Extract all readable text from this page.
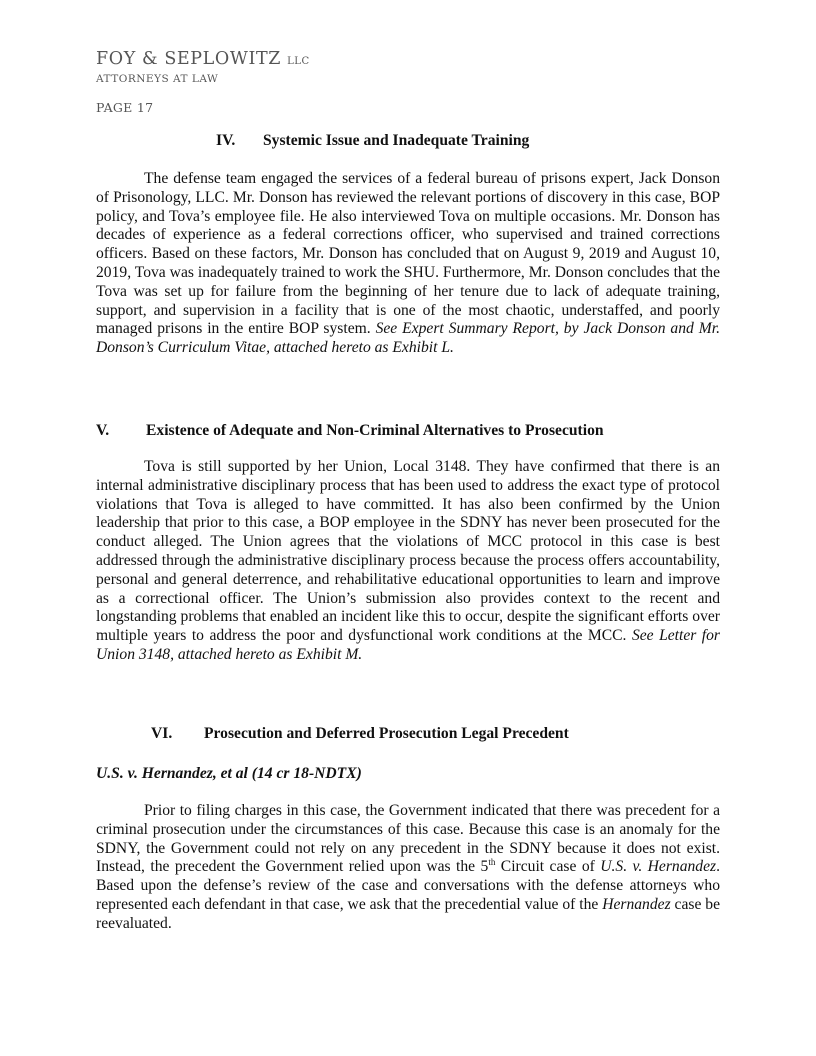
FOY & SEPLOWITZ LLC
ATTORNEYS AT LAW
PAGE 17
IV. Systemic Issue and Inadequate Training

The defense team engaged the services of a federal bureau of prisons expert, Jack Donson of Prisonology, LLC. Mr. Donson has reviewed the relevant portions of discovery in this case, BOP policy, and Tova’s employee file. He also interviewed Tova on multiple occasions. Mr. Donson has decades of experience as a federal corrections officer, who supervised and trained corrections officers. Based on these factors, Mr. Donson has concluded that on August 9, 2019 and August 10, 2019, Tova was inadequately trained to work the SHU. Furthermore, Mr. Donson concludes that the Tova was set up for failure from the beginning of her tenure due to lack of adequate training, support, and supervision in a facility that is one of the most chaotic, understaffed, and poorly managed prisons in the entire BOP system. See Expert Summary Report, by Jack Donson and Mr. Donson’s Curriculum Vitae, attached hereto as Exhibit L.

V. Existence of Adequate and Non-Criminal Alternatives to Prosecution

Tova is still supported by her Union, Local 3148. They have confirmed that there is an internal administrative disciplinary process that has been used to address the exact type of protocol violations that Tova is alleged to have committed. It has also been confirmed by the Union leadership that prior to this case, a BOP employee in the SDNY has never been prosecuted for the conduct alleged. The Union agrees that the violations of MCC protocol in this case is best addressed through the administrative disciplinary process because the process offers accountability, personal and general deterrence, and rehabilitative educational opportunities to learn and improve as a correctional officer. The Union’s submission also provides context to the recent and longstanding problems that enabled an incident like this to occur, despite the significant efforts over multiple years to address the poor and dysfunctional work conditions at the MCC. See Letter for Union 3148, attached hereto as Exhibit M.

VI. Prosecution and Deferred Prosecution Legal Precedent
U.S. v. Hernandez, et al (14 cr 18-NDTX)

Prior to filing charges in this case, the Government indicated that there was precedent for a criminal prosecution under the circumstances of this case. Because this case is an anomaly for the SDNY, the Government could not rely on any precedent in the SDNY because it does not exist. Instead, the precedent the Government relied upon was the 5th Circuit case of U.S. v. Hernandez. Based upon the defense’s review of the case and conversations with the defense attorneys who represented each defendant in that case, we ask that the precedential value of the Hernandez case be reevaluated.
